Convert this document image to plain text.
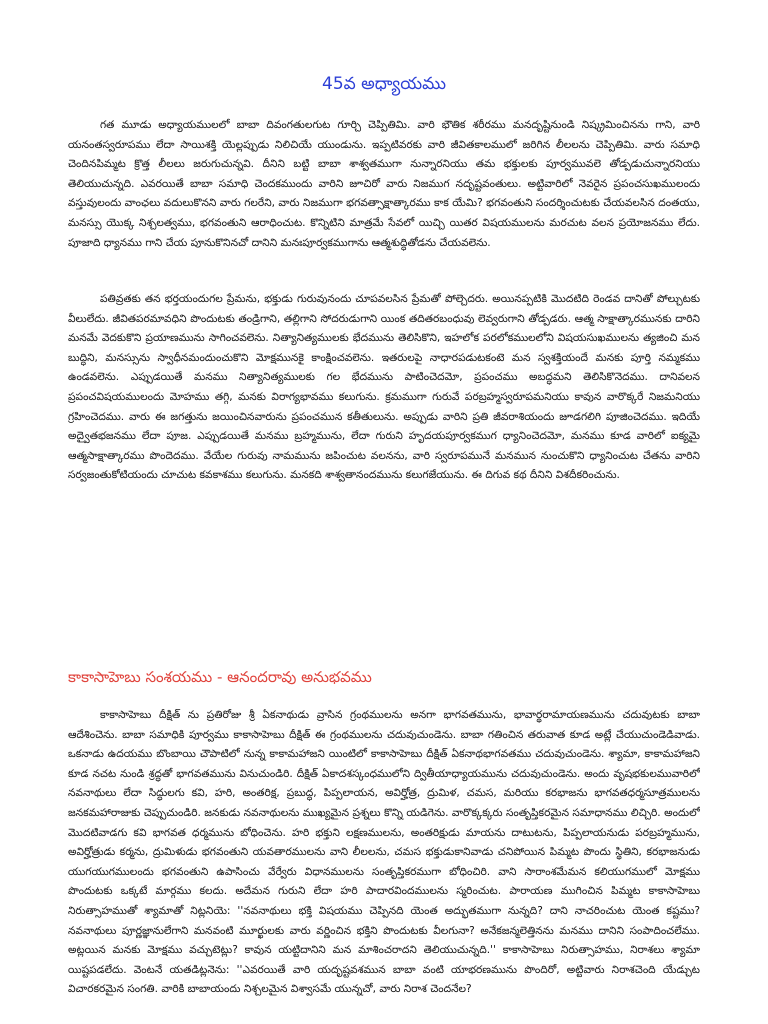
45వ అధ్యాయము

గత మూడు అధ్యాయములలో బాబా దివంగతులగుట గూర్చి చెప్పితిమి. వారి భౌతిక శరీరము మనదృష్టినుండి నిష్క్రమించినను గాని, వారి యనంతస్వరూపము లేదా సాయిశక్తి యెల్లప్పుడు నిలిచియే యుండును. ఇప్పటివరకు వారి జీవితకాలములో జరిగిన లీలలను చెప్పితిమి. వారు సమాధి చెందినపిమ్మట క్రొత్త లీలలు జరుగుచున్నవి. దీనిని బట్టి బాబా శాశ్వతముగా నున్నారనియు తమ భక్తులకు పూర్వమువలె తోడ్పడుచున్నారనియు తెలియుచున్నది. ఎవరయితే బాబా సమాధి చెందకముందు వారిని జూచిరో వారు నిజముగ నదృష్టవంతులు. అట్టివారిలో నెవరైన ప్రపంచసుఖములందు వస్తువులందు వాంఛలు వదులుకొనని వారు గలరేని, వారు నిజముగా భగవత్సాక్షాత్కారము కాక యేమి? భగవంతుని సందర్శించుటకు చేయవలసిన దంతయు, మనస్సు యొక్క నిశ్చలత్వము, భగవంతుని ఆరాధించుట. కొన్నిటిని మాత్రమే సేవలో యిచ్చి యితర విషయములను మరచుట వలన ప్రయోజనము లేదు. పూజాది ధ్యానము గాని చేయ పూనుకొనినచో దానిని మనఃపూర్వకముగాను ఆత్మశుద్ధితోడను చేయవలెను.

పతివ్రతకు తన భర్తయందుగల ప్రేమను, భక్తుడు గురువునందు చూపవలసిన ప్రేమతో పోల్చెదరు. అయినప్పటికి మొదటిది రెండవ దానితో పోల్చుటకు వీలులేదు. జీవితపరమావధిని పొందుటకు తండ్రిగాని, తల్లిగాని సోదరుడుగాని యింక తదితరబంధువు లెవ్వరుగాని తోడ్పడరు. ఆత్మ సాక్షాత్కారమునకు దారిని మనమే వెదకుకొని ప్రయాణమును సాగించవలెను. నిత్యానిత్యములకు భేదమును తెలిసికొని, ఇహలోక పరలోకములలోని విషయసుఖములను త్యజించి మన బుద్ధిని, మనస్సును స్వాధీనమందుంచుకొని మోక్షమునకై కాంక్షించవలెను. ఇతరులపై నాధారపడుటకంటె మన స్వశక్తియందే మనకు పూర్తి నమ్మకము ఉండవలెను. ఎప్పుడయితే మనము నిత్యానిత్యములకు గల భేదమును పాటించెదమో, ప్రపంచము అబద్ధమని తెలిసికొనెదము. దానివలన ప్రపంచవిషయములందు మోహము తగ్గి, మనకు విరాగ్యభావము కలుగును. క్రమముగా గురువే పరబ్రహ్మస్వరూపమనియు కావున వారొక్కరే నిజమనియు గ్రహించెదము. వారు ఈ జగత్తును జయించినవారును ప్రపంచమున కతీతులును. అప్పుడు వారిని ప్రతి జీవరాశియందు జూడగలిగి పూజించెదము. ఇదియే అద్వైతభజనము లేదా పూజ. ఎప్పుడయితే మనము బ్రహ్మమును, లేదా గురుని హృదయపూర్వకముగ ధ్యానించెదమో, మనము కూడ వారిలో ఐక్యమై ఆత్మసాక్షాత్కారము పొందెదము. వేయేల గురువు నామమును జపించుట వలనను, వారి స్వరూపమునే మనమున నుంచుకొని ధ్యానించుట చేతను వారిని సర్వజంతుకోటియందు చూచుట కవకాశము కలుగును. మనకది శాశ్వతానందమును కలుగజేయును. ఈ దిగువ కథ దీనిని విశదీకరించును.

కాకాసాహెబు సంశయము - ఆనందరావు అనుభవము

కాకాసాహెబు దీక్షిత్ ను ప్రతిరోజు శ్రీ ఏకనాథుడు వ్రాసిన గ్రంథములను అనగా భాగవతమును, భావార్థరామాయణమును చదువుటకు బాబా ఆదేశించెను. బాబా సమాధికి పూర్వము కాకాసాహెబు దీక్షిత్ ఈ గ్రంథములను చదువుచుండెను. బాబా గతించిన తరువాత కూడ అట్లే చేయుచుండెడివాడు. ఒకనాడు ఉదయము బొంబాయి చౌపాటిలో నున్న కాకామహాజని యింటిలో కాకాసాహెబు దీక్షిత్ ఏకనాథభాగవతము చదువుచుండెను. శ్యామా, కాకామహాజని కూడ నచట నుండి శ్రద్ధతో భాగవతమును వినుచుండిరి. దీక్షిత్ ఏకాదశస్కంధములోని ద్వితీయాధ్యాయమును చదువుచుండెను. అందు వృషభకులమువారిలో నవనాథులు లేదా సిద్ధులగు కవి, హరి, అంతరిక్ష, ప్రబుద్ధ, పిప్పలాయన, అవిర్హోత్ర, ద్రుమిళ, చమస, మరియు కరభాజను భాగవతధర్మసూత్రములను జనకమహారాజుకు చెప్పుచుండిరి. జనకుడు నవనాథులను ముఖ్యమైన ప్రశ్నలు కొన్ని యడిగెను. వారొక్కక్కరు సంతృప్తికరమైన సమాధానము లిచ్చిరి. అందులో మొదటివాడగు కవి భాగవత ధర్మమును బోధించెను. హరి భక్తుని లక్షణములను, అంతరిక్షుడు మాయను దాటుటను, పిప్పలాయనుడు పరబ్రహ్మమును, అవిర్హోత్రుడు కర్మను, ద్రుమిళుడు భగవంతుని యవతారములను వాని లీలలను, చమస భక్తుడుకానివాడు చనిపోయిన పిమ్మట పొందు స్థితిని, కరభాజనుడు యుగయుగములందు భగవంతుని ఉపాసించు వేర్వేరు విధానములను సంతృప్తికరముగా బోధించిరి. వాని సారాంశమేమన కలియుగములో మోక్షము పొందుటకు ఒక్కటే మార్గము కలదు. అదేమన గురుని లేదా హరి పాదారవిందములను స్మరించుట. పారాయణ ముగించిన పిమ్మట కాకాసాహెబు నిరుత్సాహముతో శ్యామాతో నిట్లనియె: ''నవనాథులు భక్తి విషయము చెప్పినది యెంత అద్భుతముగా నున్నది? దాని నాచరించుట యెంత కష్టము? నవనాథులు పూర్ణజ్ఞానులేగాని మనవంటి మూర్ఖులకు వారు వర్ణించిన భక్తిని పొందుటకు వీలగునా? అనేకజన్మలెత్తినను మనము దానిని సంపాదించలేము. అట్లయిన మనకు మోక్షము వచ్చుటెట్లు? కావున యట్టిదానిని మన మాశించరాదని తెలియుచున్నది.'' కాకాసాహెబు నిరుత్సాహము, నిరాశలు శ్యామా యిష్టపడలేదు. వెంటనే యతడిట్లనెను: ''ఎవరయితే వారి యదృష్టవశమున బాబా వంటి యాభరణమును పొందిరో, అట్టివారు నిరాశచెంది యేడ్చుట విచారకరమైన సంగతి. వారికి బాబాయందు నిశ్చలమైన విశ్వాసమే యున్నచో, వారు నిరాశ చెందనేల?
